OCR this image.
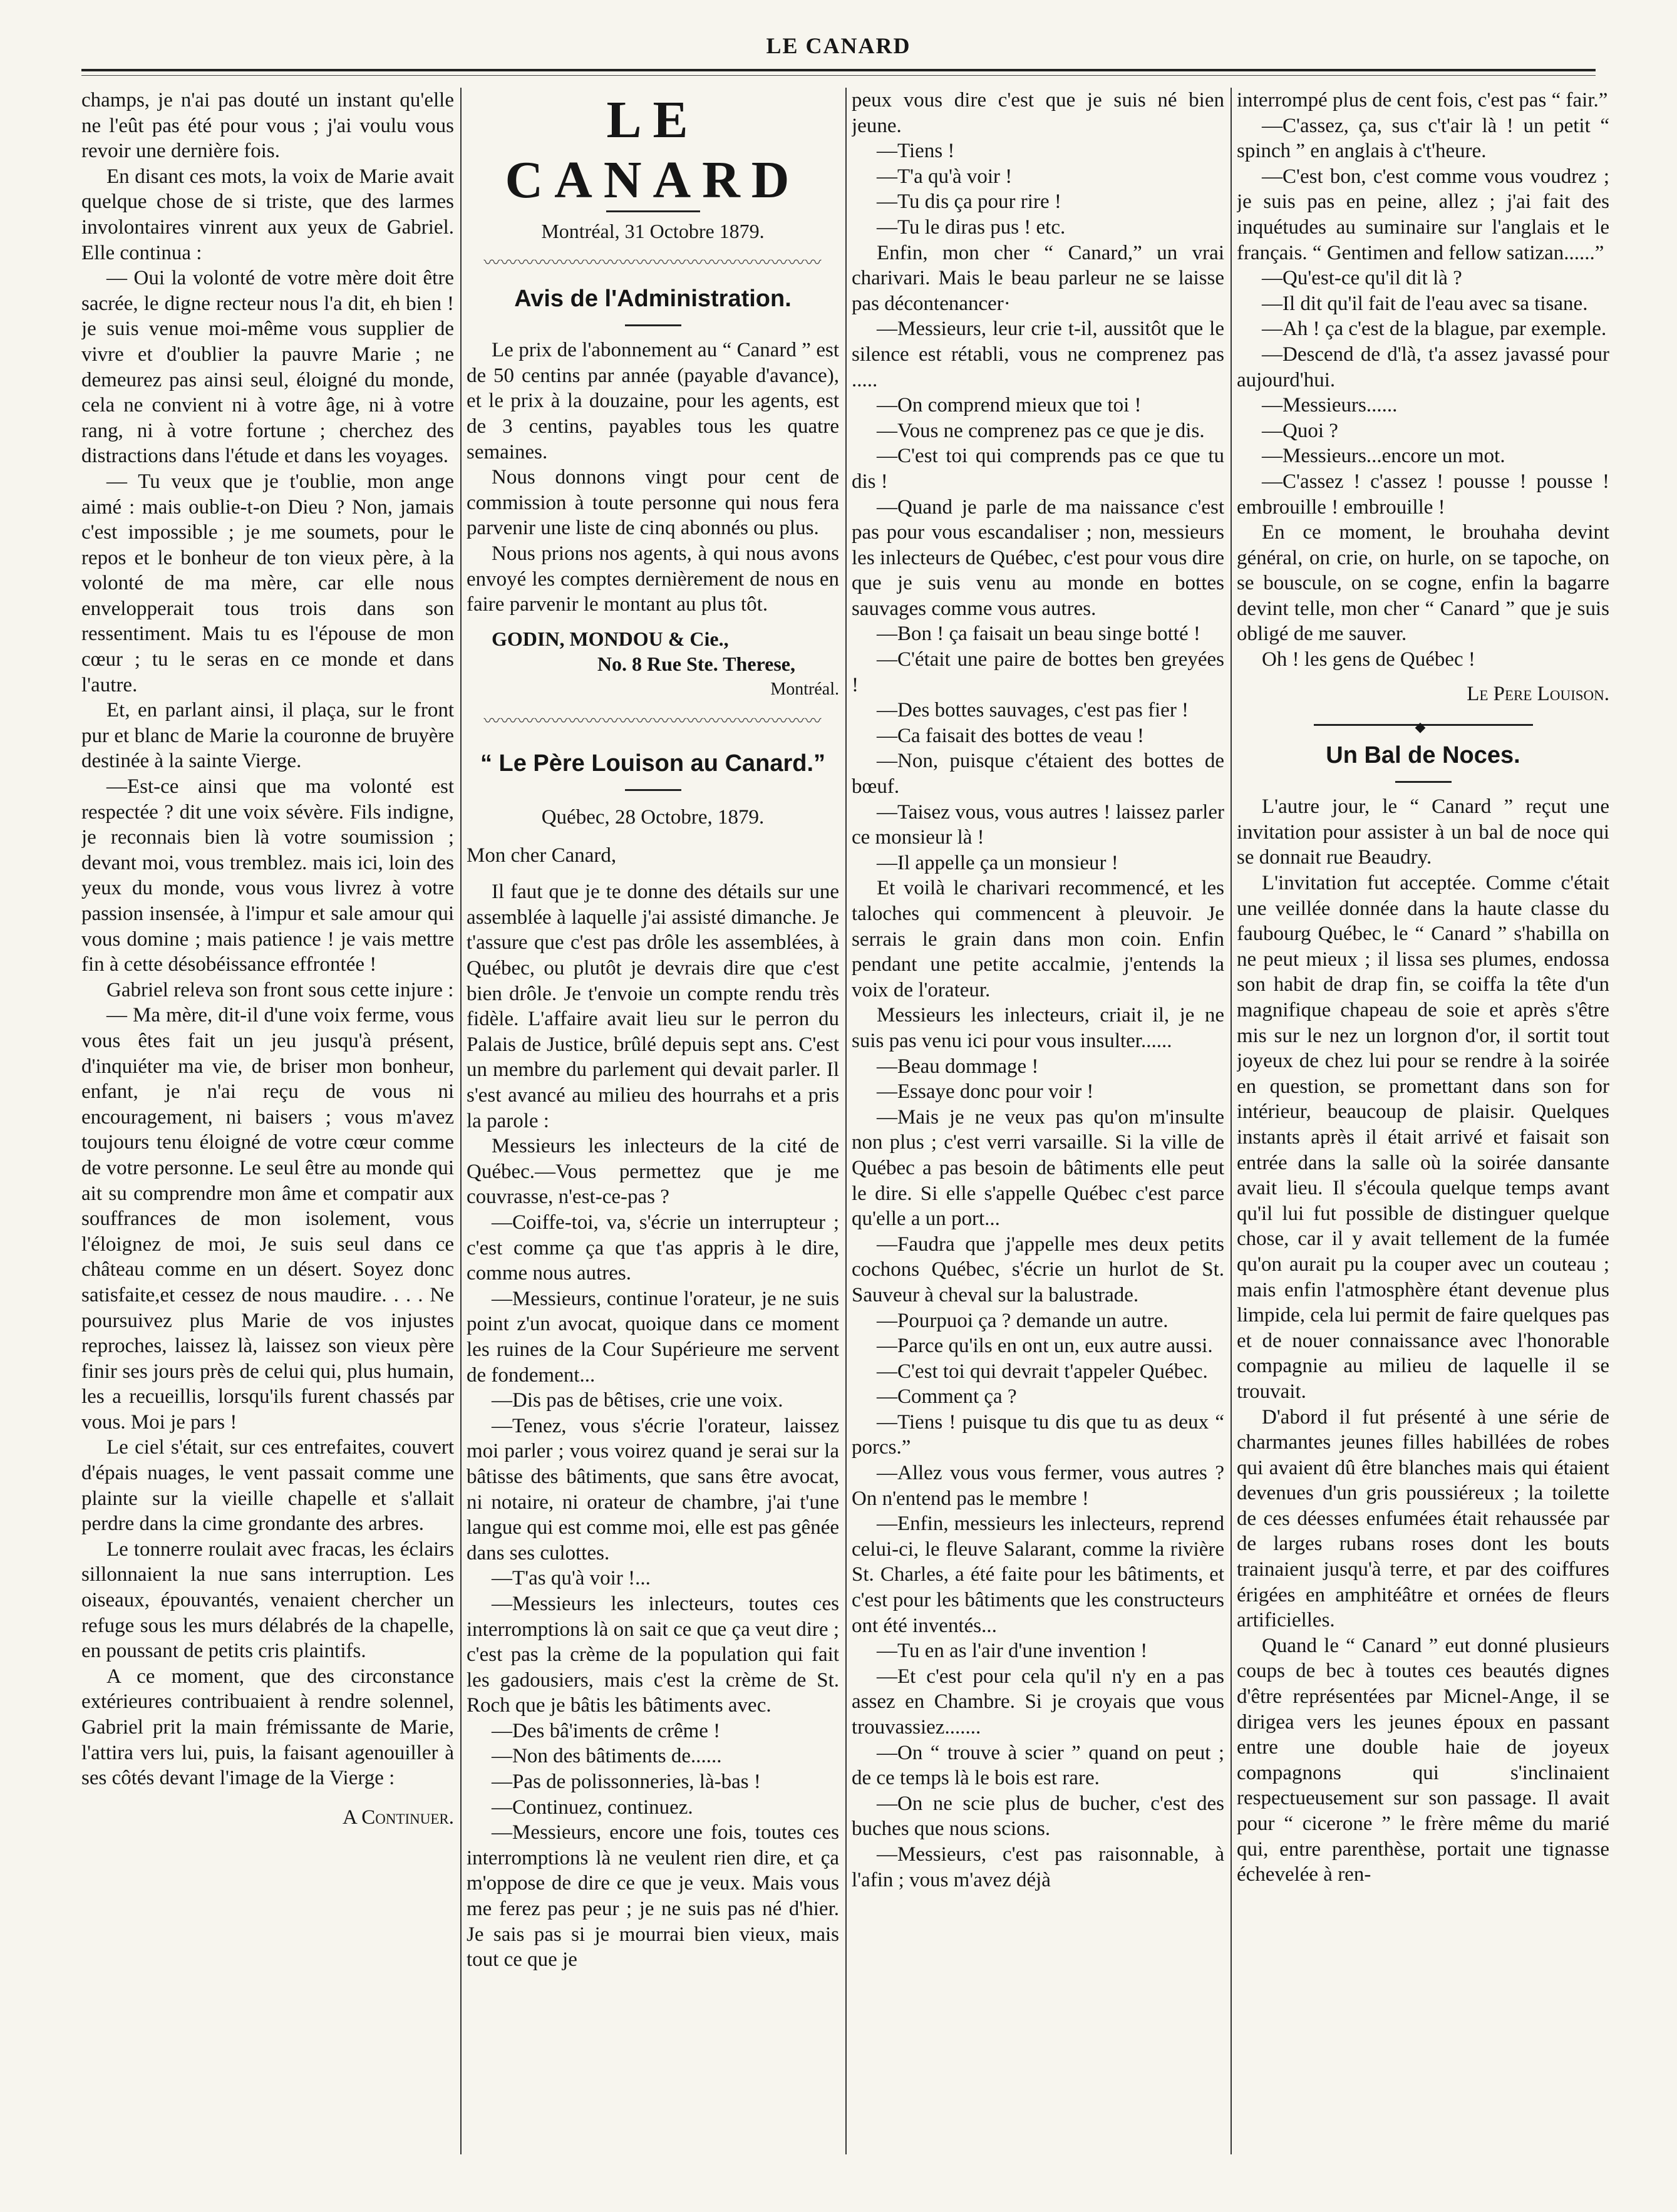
LE CANARD

champs, je n'ai pas douté un instant qu'elle ne l'eût pas été pour vous ; j'ai voulu vous revoir une dernière fois.

En disant ces mots, la voix de Marie avait quelque chose de si triste, que des larmes involontaires vinrent aux yeux de Gabriel. Elle continua :

— Oui la volonté de votre mère doit être sacrée, le digne recteur nous l'a dit, eh bien ! je suis venue moi-même vous supplier de vivre et d'oublier la pauvre Marie ; ne demeurez pas ainsi seul, éloigné du monde, cela ne convient ni à votre âge, ni à votre rang, ni à votre fortune ; cherchez des distractions dans l'étude et dans les voyages.

— Tu veux que je t'oublie, mon ange aimé : mais oublie-t-on Dieu ? Non, jamais c'est impossible ; je me soumets, pour le repos et le bonheur de ton vieux père, à la volonté de ma mère, car elle nous envelopperait tous trois dans son ressentiment. Mais tu es l'épouse de mon cœur ; tu le seras en ce monde et dans l'autre.

Et, en parlant ainsi, il plaça, sur le front pur et blanc de Marie la couronne de bruyère destinée à la sainte Vierge.

—Est-ce ainsi que ma volonté est respectée ? dit une voix sévère. Fils indigne, je reconnais bien là votre soumission ; devant moi, vous tremblez. mais ici, loin des yeux du monde, vous vous livrez à votre passion insensée, à l'impur et sale amour qui vous domine ; mais patience ! je vais mettre fin à cette désobéissance effrontée !

Gabriel releva son front sous cette injure :

— Ma mère, dit-il d'une voix ferme, vous vous êtes fait un jeu jusqu'à présent, d'inquiéter ma vie, de briser mon bonheur, enfant, je n'ai reçu de vous ni encouragement, ni baisers ; vous m'avez toujours tenu éloigné de votre cœur comme de votre personne. Le seul être au monde qui ait su comprendre mon âme et compatir aux souffrances de mon isolement, vous l'éloignez de moi, Je suis seul dans ce château comme en un désert. Soyez donc satisfaite,et cessez de nous maudire. . . . Ne poursuivez plus Marie de vos injustes reproches, laissez là, laissez son vieux père finir ses jours près de celui qui, plus humain, les a recueillis, lorsqu'ils furent chassés par vous. Moi je pars !

Le ciel s'était, sur ces entrefaites, couvert d'épais nuages, le vent passait comme une plainte sur la vieille chapelle et s'allait perdre dans la cime grondante des arbres.

Le tonnerre roulait avec fracas, les éclairs sillonnaient la nue sans interruption. Les oiseaux, épouvantés, venaient chercher un refuge sous les murs délabrés de la chapelle, en poussant de petits cris plaintifs.

A ce moment, que des circonstance extérieures contribuaient à rendre solennel, Gabriel prit la main frémissante de Marie, l'attira vers lui, puis, la faisant agenouiller à ses côtés devant l'image de la Vierge :

A Continuer.
LE CANARD
Montréal, 31 Octobre 1879.
〰〰〰〰〰〰〰〰〰〰〰〰〰〰〰〰〰〰〰〰
Avis de l'Administration.

Le prix de l'abonnement au “ Canard ” est de 50 centins par année (payable d'avance), et le prix à la douzaine, pour les agents, est de 3 centins, payables tous les quatre semaines.

Nous donnons vingt pour cent de commission à toute personne qui nous fera parvenir une liste de cinq abonnés ou plus.

Nous prions nos agents, à qui nous avons envoyé les comptes dernièrement de nous en faire parvenir le montant au plus tôt.

GODIN, MONDOU & Cie.,
No. 8 Rue Ste. Therese,
Montréal.
〰〰〰〰〰〰〰〰〰〰〰〰〰〰〰〰〰〰〰〰
“ Le Père Louison au Canard.”
Québec, 28 Octobre, 1879.
Mon cher Canard,

Il faut que je te donne des détails sur une assemblée à laquelle j'ai assisté dimanche. Je t'assure que c'est pas drôle les assemblées, à Québec, ou plutôt je devrais dire que c'est bien drôle. Je t'envoie un compte rendu très fidèle. L'affaire avait lieu sur le perron du Palais de Justice, brûlé depuis sept ans. C'est un membre du parlement qui devait parler. Il s'est avancé au milieu des hourrahs et a pris la parole :

Messieurs les inlecteurs de la cité de Québec.—Vous permettez que je me couvrasse, n'est-ce-pas ?

—Coiffe-toi, va, s'écrie un interrupteur ; c'est comme ça que t'as appris à le dire, comme nous autres.

—Messieurs, continue l'orateur, je ne suis point z'un avocat, quoique dans ce moment les ruines de la Cour Supérieure me servent de fondement...

—Dis pas de bêtises, crie une voix.

—Tenez, vous s'écrie l'orateur, laissez moi parler ; vous voirez quand je serai sur la bâtisse des bâtiments, que sans être avocat, ni notaire, ni orateur de chambre, j'ai t'une langue qui est comme moi, elle est pas gênée dans ses culottes.

—T'as qu'à voir !...

—Messieurs les inlecteurs, toutes ces interromptions là on sait ce que ça veut dire ; c'est pas la crème de la population qui fait les gadousiers, mais c'est la crème de St. Roch que je bâtis les bâtiments avec.

—Des bâ'iments de crême !

—Non des bâtiments de......

—Pas de polissonneries, là-bas !

—Continuez, continuez.

—Messieurs, encore une fois, toutes ces interromptions là ne veulent rien dire, et ça m'oppose de dire ce que je veux. Mais vous me ferez pas peur ; je ne suis pas né d'hier. Je sais pas si je mourrai bien vieux, mais tout ce que je

peux vous dire c'est que je suis né bien jeune.

—Tiens !

—T'a qu'à voir !

—Tu dis ça pour rire !

—Tu le diras pus ! etc.

Enfin, mon cher “ Canard,” un vrai charivari. Mais le beau parleur ne se laisse pas décontenancer·

—Messieurs, leur crie t-il, aussitôt que le silence est rétabli, vous ne comprenez pas .....

—On comprend mieux que toi !

—Vous ne comprenez pas ce que je dis.

—C'est toi qui comprends pas ce que tu dis !

—Quand je parle de ma naissance c'est pas pour vous escandaliser ; non, messieurs les inlecteurs de Québec, c'est pour vous dire que je suis venu au monde en bottes sauvages comme vous autres.

—Bon ! ça faisait un beau singe botté !

—C'était une paire de bottes ben greyées !

—Des bottes sauvages, c'est pas fier !

—Ca faisait des bottes de veau !

—Non, puisque c'étaient des bottes de bœuf.

—Taisez vous, vous autres ! laissez parler ce monsieur là !

—Il appelle ça un monsieur !

Et voilà le charivari recommencé, et les taloches qui commencent à pleuvoir. Je serrais le grain dans mon coin. Enfin pendant une petite accalmie, j'entends la voix de l'orateur.

Messieurs les inlecteurs, criait il, je ne suis pas venu ici pour vous insulter......

—Beau dommage !

—Essaye donc pour voir !

—Mais je ne veux pas qu'on m'insulte non plus ; c'est verri varsaille. Si la ville de Québec a pas besoin de bâtiments elle peut le dire. Si elle s'appelle Québec c'est parce qu'elle a un port...

—Faudra que j'appelle mes deux petits cochons Québec, s'écrie un hurlot de St. Sauveur à cheval sur la balustrade.

—Pourpuoi ça ? demande un autre.

—Parce qu'ils en ont un, eux autre aussi.

—C'est toi qui devrait t'appeler Québec.

—Comment ça ?

—Tiens ! puisque tu dis que tu as deux “ porcs.”

—Allez vous vous fermer, vous autres ? On n'entend pas le membre !

—Enfin, messieurs les inlecteurs, reprend celui-ci, le fleuve Salarant, comme la rivière St. Charles, a été faite pour les bâtiments, et c'est pour les bâtiments que les constructeurs ont été inventés...

—Tu en as l'air d'une invention !

—Et c'est pour cela qu'il n'y en a pas assez en Chambre. Si je croyais que vous trouvassiez.......

—On “ trouve à scier ” quand on peut ; de ce temps là le bois est rare.

—On ne scie plus de bucher, c'est des buches que nous scions.

—Messieurs, c'est pas raisonnable, à l'afin ; vous m'avez déjà

interrompé plus de cent fois, c'est pas “ fair.”

—C'assez, ça, sus c't'air là ! un petit “ spinch ” en anglais à c't'heure.

—C'est bon, c'est comme vous voudrez ; je suis pas en peine, allez ; j'ai fait des inquétudes au suminaire sur l'anglais et le français. “ Gentimen and fellow satizan......”

—Qu'est-ce qu'il dit là ?

—Il dit qu'il fait de l'eau avec sa tisane.

—Ah ! ça c'est de la blague, par exemple.

—Descend de d'là, t'a assez javassé pour aujourd'hui.

—Messieurs......

—Quoi ?

—Messieurs...encore un mot.

—C'assez ! c'assez ! pousse ! pousse ! embrouille ! embrouille !

En ce moment, le brouhaha devint général, on crie, on hurle, on se tapoche, on se bouscule, on se cogne, enfin la bagarre devint telle, mon cher “ Canard ” que je suis obligé de me sauver.

Oh ! les gens de Québec !

Le Pere Louison.
◆
Un Bal de Noces.

L'autre jour, le “ Canard ” reçut une invitation pour assister à un bal de noce qui se donnait rue Beaudry.

L'invitation fut acceptée. Comme c'était une veillée donnée dans la haute classe du faubourg Québec, le “ Canard ” s'habilla on ne peut mieux ; il lissa ses plumes, endossa son habit de drap fin, se coiffa la tête d'un magnifique chapeau de soie et après s'être mis sur le nez un lorgnon d'or, il sortit tout joyeux de chez lui pour se rendre à la soirée en question, se promettant dans son for intérieur, beaucoup de plaisir. Quelques instants après il était arrivé et faisait son entrée dans la salle où la soirée dansante avait lieu. Il s'écoula quelque temps avant qu'il lui fut possible de distinguer quelque chose, car il y avait tellement de la fumée qu'on aurait pu la couper avec un couteau ; mais enfin l'atmosphère étant devenue plus limpide, cela lui permit de faire quelques pas et de nouer connaissance avec l'honorable compagnie au milieu de laquelle il se trouvait.

D'abord il fut présenté à une série de charmantes jeunes filles habillées de robes qui avaient dû être blanches mais qui étaient devenues d'un gris poussiéreux ; la toilette de ces déesses enfumées était rehaussée par de larges rubans roses dont les bouts trainaient jusqu'à terre, et par des coiffures érigées en amphitéâtre et ornées de fleurs artificielles.

Quand le “ Canard ” eut donné plusieurs coups de bec à toutes ces beautés dignes d'être représentées par Micnel-Ange, il se dirigea vers les jeunes époux en passant entre une double haie de joyeux compagnons qui s'inclinaient respectueusement sur son passage. Il avait pour “ cicerone ” le frère même du marié qui, entre parenthèse, portait une tignasse échevelée à ren-
